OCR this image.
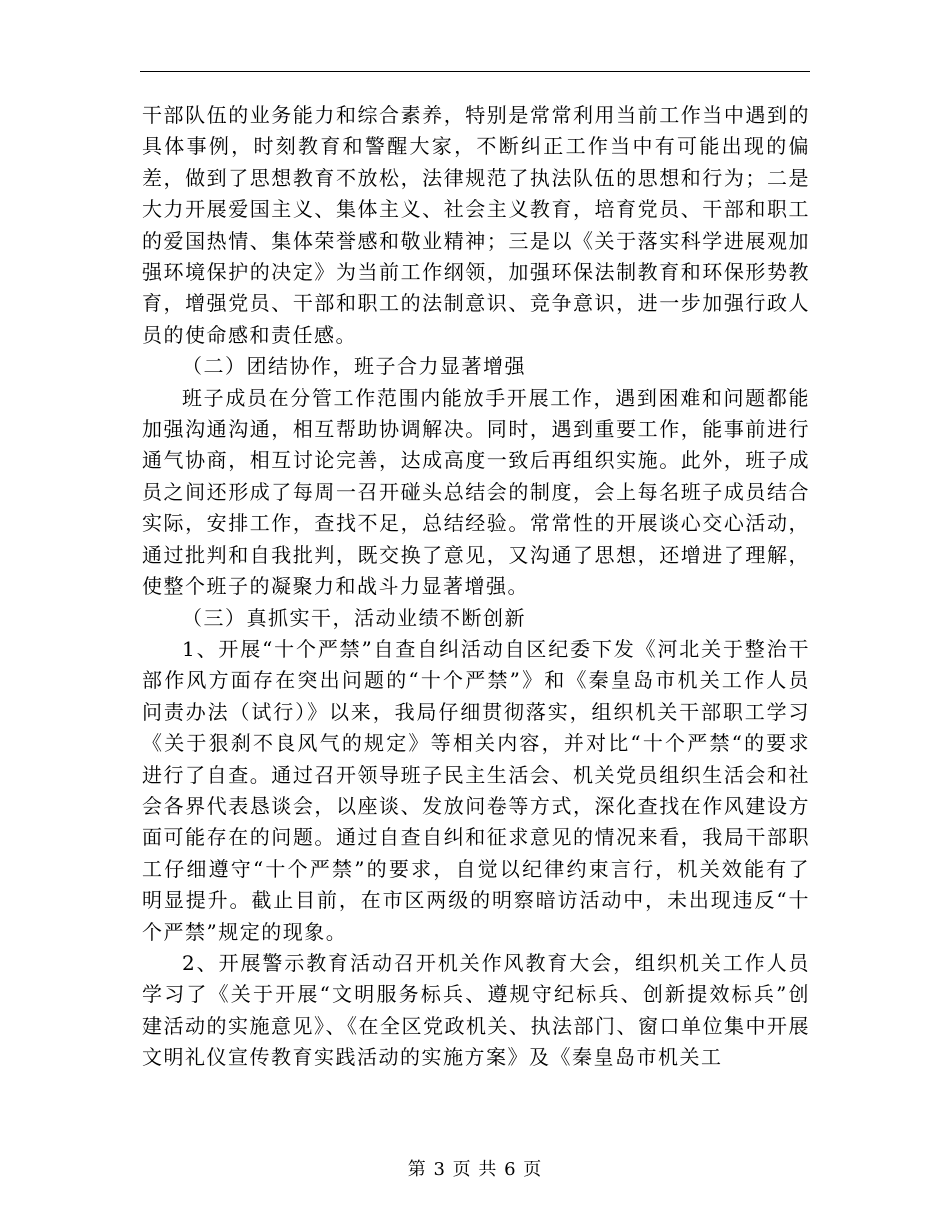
干部队伍的业务能力和综合素养，特别是常常利用当前工作当中遇到的具体事例，时刻教育和警醒大家，不断纠正工作当中有可能出现的偏差，做到了思想教育不放松，法律规范了执法队伍的思想和行为；二是大力开展爱国主义、集体主义、社会主义教育，培育党员、干部和职工的爱国热情、集体荣誉感和敬业精神；三是以《关于落实科学进展观加强环境保护的决定》为当前工作纲领，加强环保法制教育和环保形势教育，增强党员、干部和职工的法制意识、竞争意识，进一步加强行政人员的使命感和责任感。

（二）团结协作，班子合力显著增强

班子成员在分管工作范围内能放手开展工作，遇到困难和问题都能加强沟通沟通，相互帮助协调解决。同时，遇到重要工作，能事前进行通气协商，相互讨论完善，达成高度一致后再组织实施。此外，班子成员之间还形成了每周一召开碰头总结会的制度，会上每名班子成员结合实际，安排工作，查找不足，总结经验。常常性的开展谈心交心活动，通过批判和自我批判，既交换了意见，又沟通了思想，还增进了理解，使整个班子的凝聚力和战斗力显著增强。

（三）真抓实干，活动业绩不断创新

1、开展“十个严禁”自查自纠活动自区纪委下发《河北关于整治干部作风方面存在突出问题的“十个严禁”》和《秦皇岛市机关工作人员问责办法（试行）》以来，我局仔细贯彻落实，组织机关干部职工学习《关于狠刹不良风气的规定》等相关内容，并对比“十个严禁“的要求进行了自查。通过召开领导班子民主生活会、机关党员组织生活会和社会各界代表恳谈会，以座谈、发放问卷等方式，深化查找在作风建设方面可能存在的问题。通过自查自纠和征求意见的情况来看，我局干部职工仔细遵守“十个严禁”的要求，自觉以纪律约束言行，机关效能有了明显提升。截止目前，在市区两级的明察暗访活动中，未出现违反“十个严禁”规定的现象。

2、开展警示教育活动召开机关作风教育大会，组织机关工作人员学习了《关于开展“文明服务标兵、遵规守纪标兵、创新提效标兵”创建活动的实施意见》、《在全区党政机关、执法部门、窗口单位集中开展文明礼仪宣传教育实践活动的实施方案》及《秦皇岛市机关工

第 3 页 共 6 页
